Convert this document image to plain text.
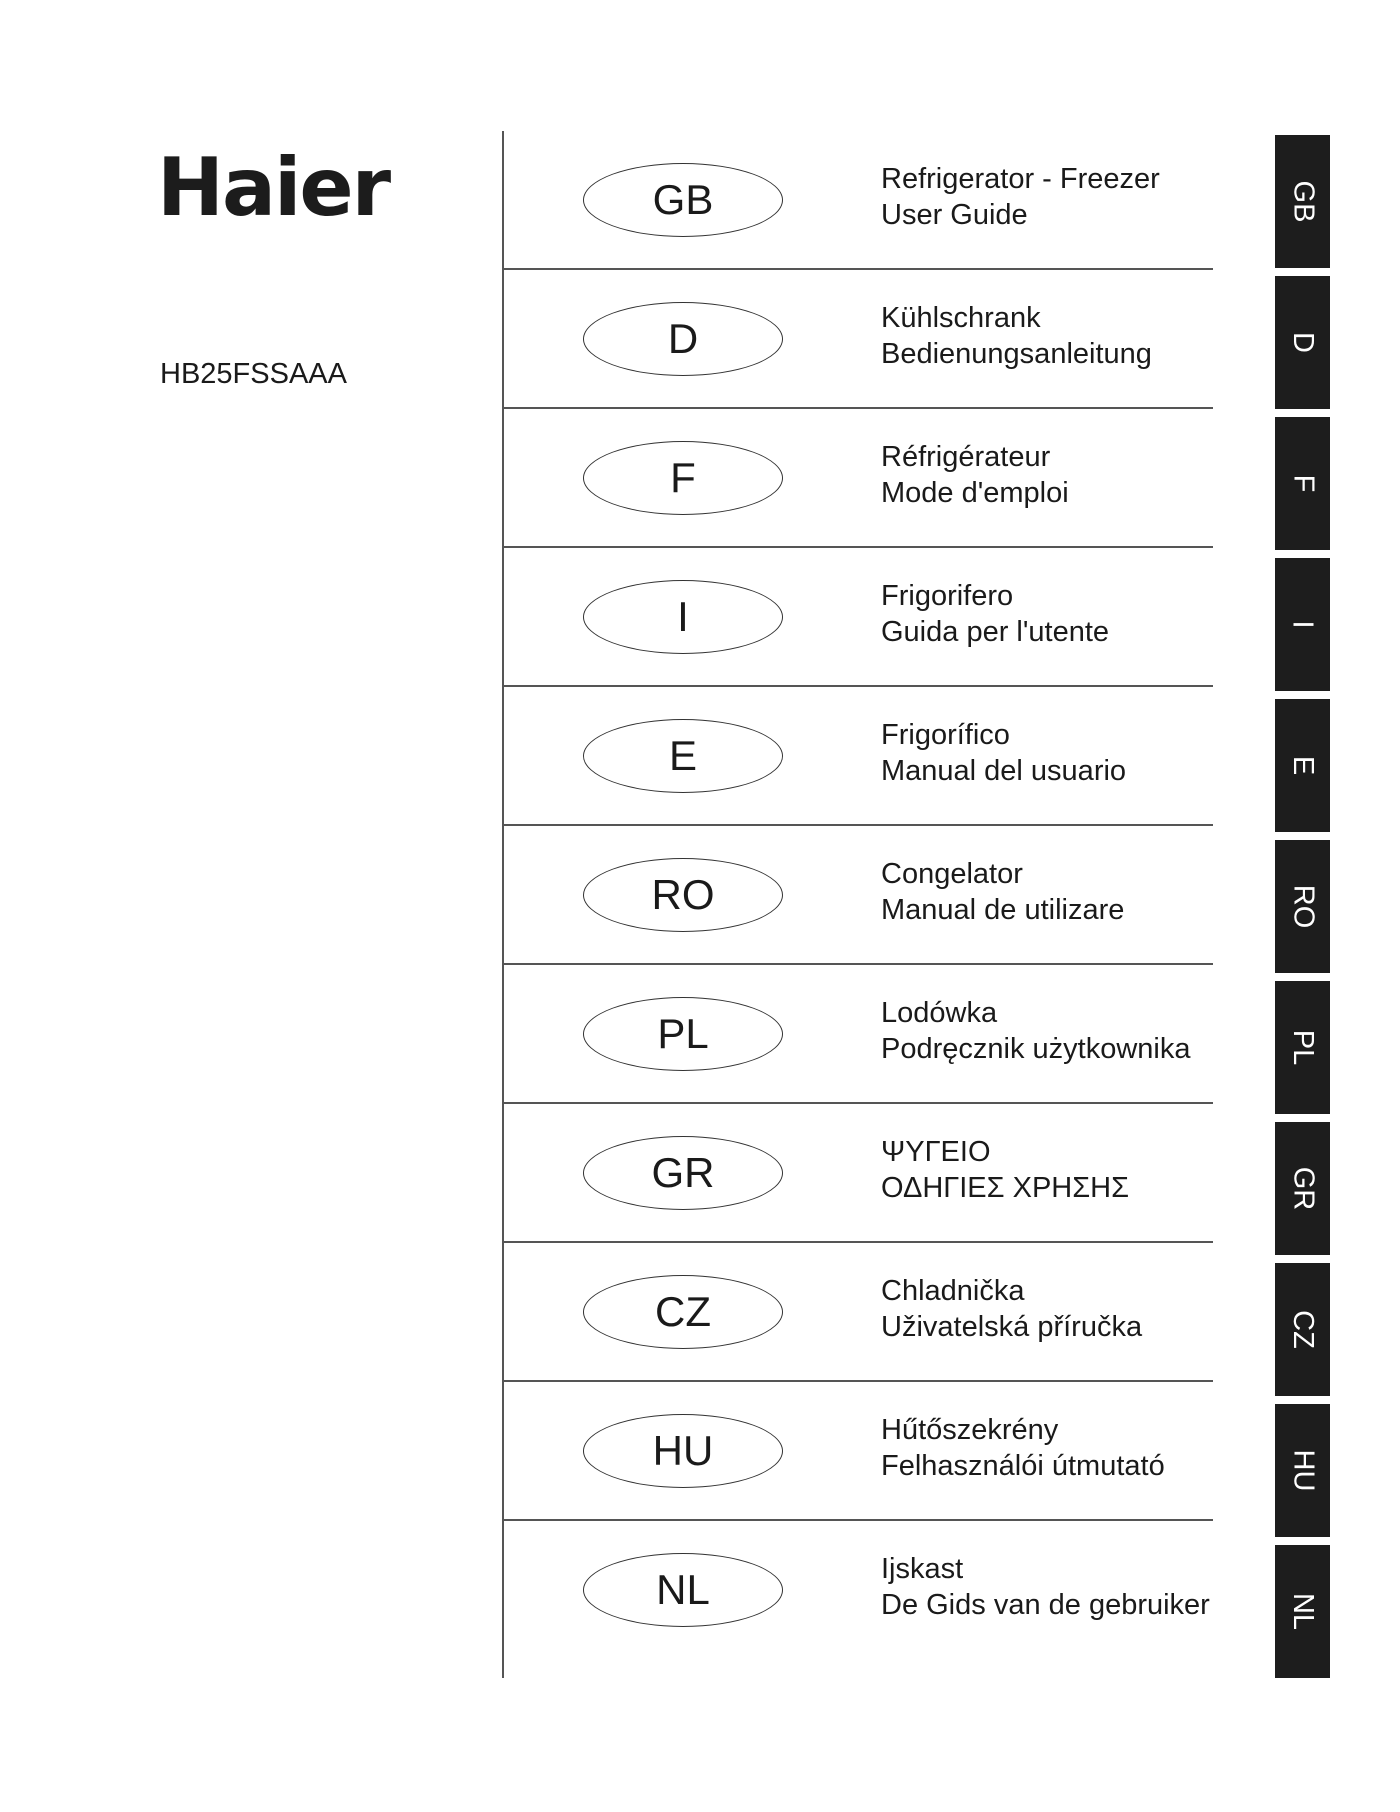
Haier
HB25FSSAAA
GB	Refrigerator - Freezer
User Guide
D	Kühlschrank
Bedienungsanleitung
F	Réfrigérateur
Mode d'emploi
I	Frigorifero
Guida per l'utente
E	Frigorífico
Manual del usuario
RO	Congelator
Manual de utilizare
PL	Lodówka
Podręcznik użytkownika
GR	ΨΥΓΕΙΟ
ΟΔΗΓΙΕΣ ΧΡΗΣΗΣ
CZ	Chladnička
Uživatelská příručka
HU	Hűtőszekrény
Felhasználói útmutató
NL	Ijskast
De Gids van de gebruiker
GB
D
F
I
E
RO
PL
GR
CZ
HU
NL
